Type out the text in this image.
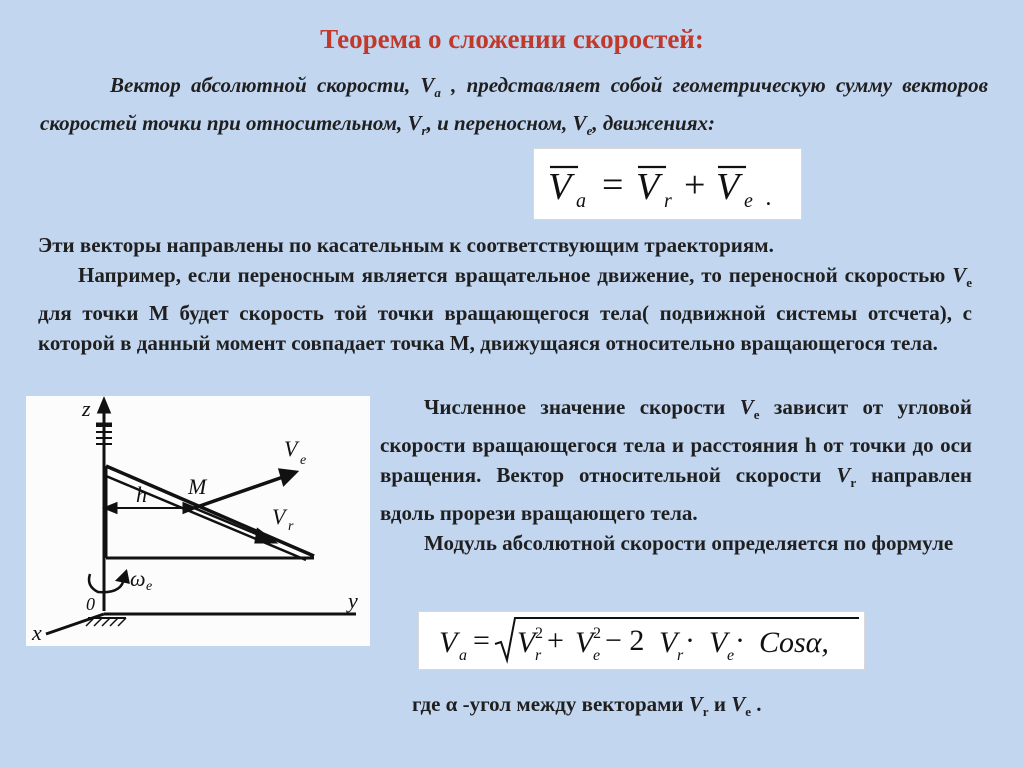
Теорема о сложении скоростей:
Вектор абсолютной скорости, $V_a$ , представляет собой геометрическую сумму векторов скоростей точки при относительном, $V_r$, и переносном, $V_e$, движениях:
V a = V r + V e .
Эти векторы направлены по касательным к соответствующим траекториям.
Например, если переносным является вращательное движение, то переносной скоростью $V_e$ для точки M будет скорость той точки вращающегося тела( подвижной системы отсчета), с которой в данный момент совпадает точка M, движущаяся относительно вращающегося тела.
z
y
x
0
h M
V e
V r
ω e
Численное значение скорости $V_e$ зависит от угловой скорости вращающегося тела и расстояния h от точки до оси вращения. Вектор относительной скорости $V_r$ направлен вдоль прорези вращающего тела.
Модуль абсолютной скорости определяется по формуле
V a = V r
2 + V e
2 − 2 V r · V e · Cosα,
где α -угол между векторами $V_r$ и $V_e$ .
